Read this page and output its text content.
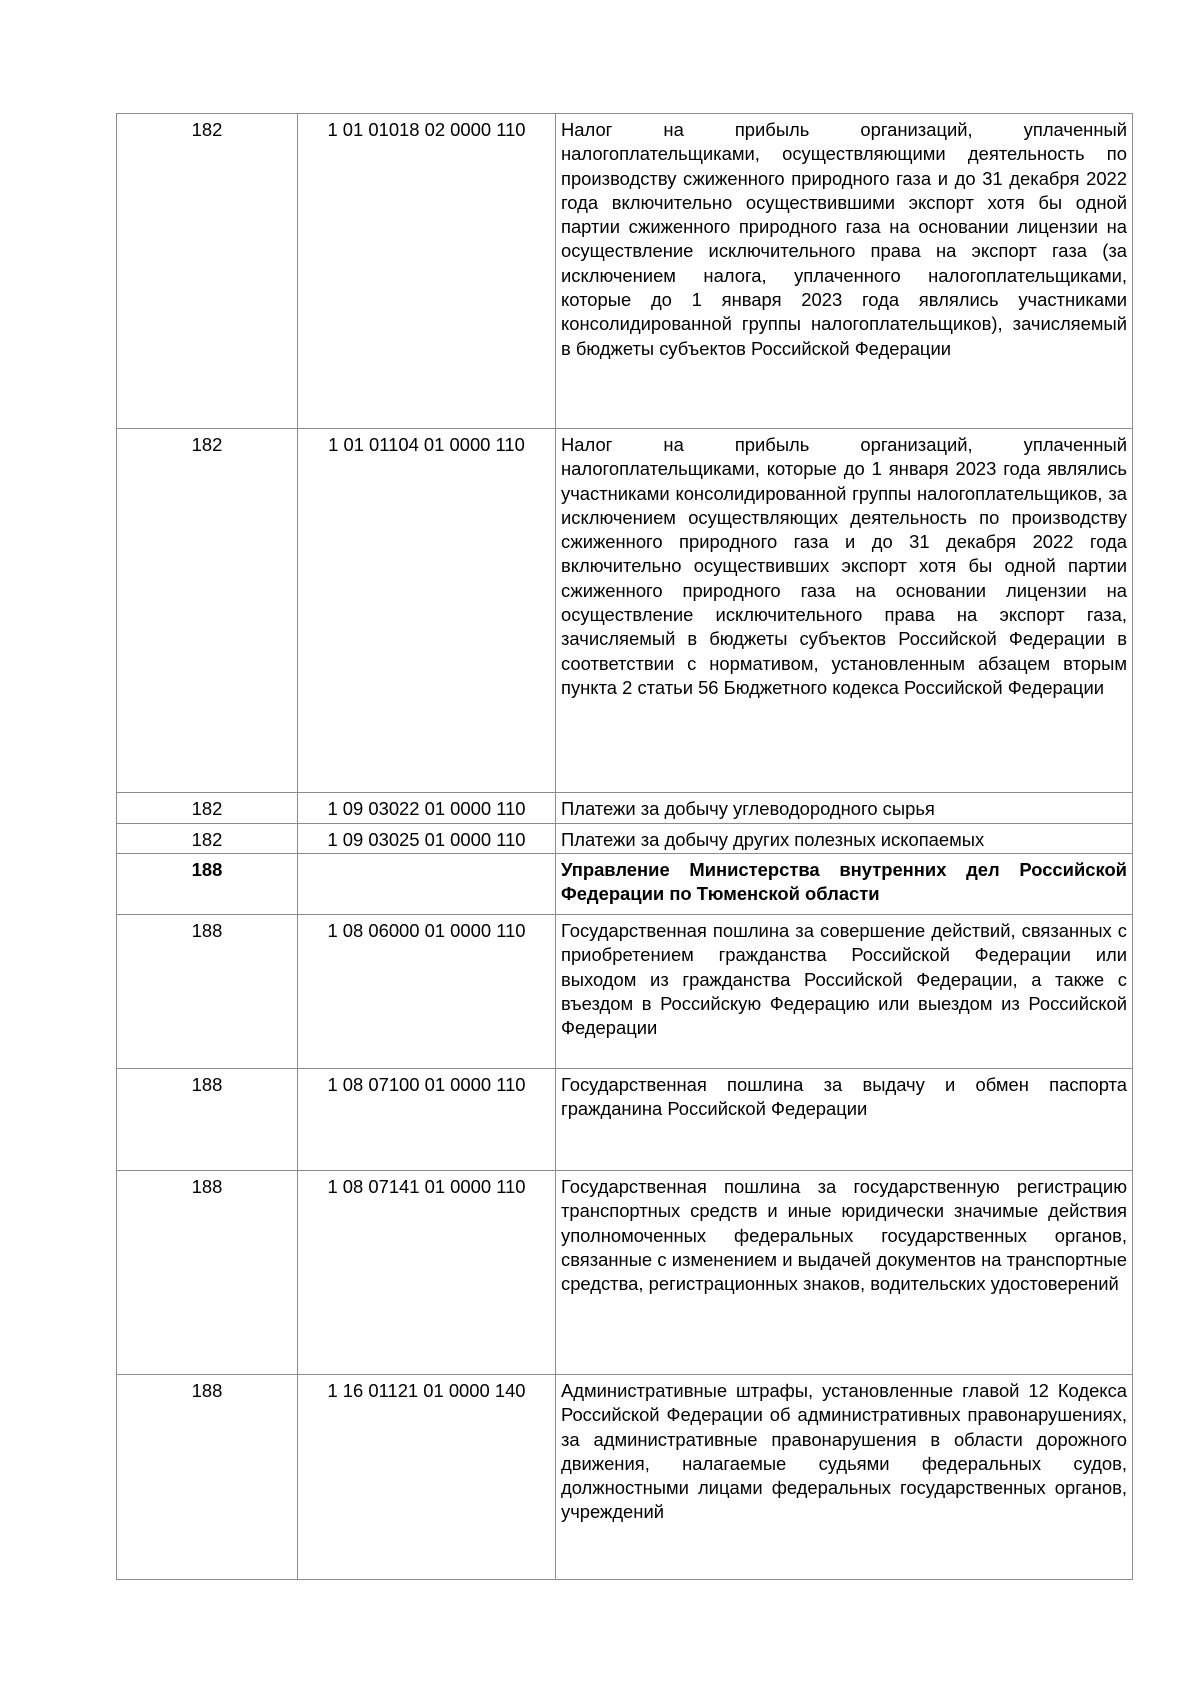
182	1 01 01018 02 0000 110	Налог на прибыль организаций, уплаченный налогоплательщиками, осуществляющими деятельность по производству сжиженного природного газа и до 31 декабря 2022 года включительно осуществившими экспорт хотя бы одной партии сжиженного природного газа на основании лицензии на осуществление исключительного права на экспорт газа (за исключением налога, уплаченного налогоплательщиками, которые до 1 января 2023 года являлись участниками консолидированной группы налогоплательщиков), зачисляемый в бюджеты субъектов Российской Федерации

182	1 01 01104 01 0000 110	Налог на прибыль организаций, уплаченный налогоплательщиками, которые до 1 января 2023 года являлись участниками консолидированной группы налогоплательщиков, за исключением осуществляющих деятельность по производству сжиженного природного газа и до 31 декабря 2022 года включительно осуществивших экспорт хотя бы одной партии сжиженного природного газа на основании лицензии на осуществление исключительного права на экспорт газа, зачисляемый в бюджеты субъектов Российской Федерации в соответствии с нормативом, установленным абзацем вторым пункта 2 статьи 56 Бюджетного кодекса Российской Федерации

182	1 09 03022 01 0000 110	Платежи за добычу углеводородного сырья

182	1 09 03025 01 0000 110	Платежи за добычу других полезных ископаемых

188		Управление Министерства внутренних дел Российской Федерации по Тюменской области

188	1 08 06000 01 0000 110	Государственная пошлина за совершение действий, связанных с приобретением гражданства Российской Федерации или выходом из гражданства Российской Федерации, а также с въездом в Российскую Федерацию или выездом из Российской Федерации

188	1 08 07100 01 0000 110	Государственная пошлина за выдачу и обмен паспорта гражданина Российской Федерации

188	1 08 07141 01 0000 110	Государственная пошлина за государственную регистрацию транспортных средств и иные юридически значимые действия уполномоченных федеральных государственных органов, связанные с изменением и выдачей документов на транспортные средства, регистрационных знаков, водительских удостоверений

188	1 16 01121 01 0000 140	Административные штрафы, установленные главой 12 Кодекса Российской Федерации об административных правонарушениях, за административные правонарушения в области дорожного движения, налагаемые судьями федеральных судов, должностными лицами федеральных государственных органов, учреждений
